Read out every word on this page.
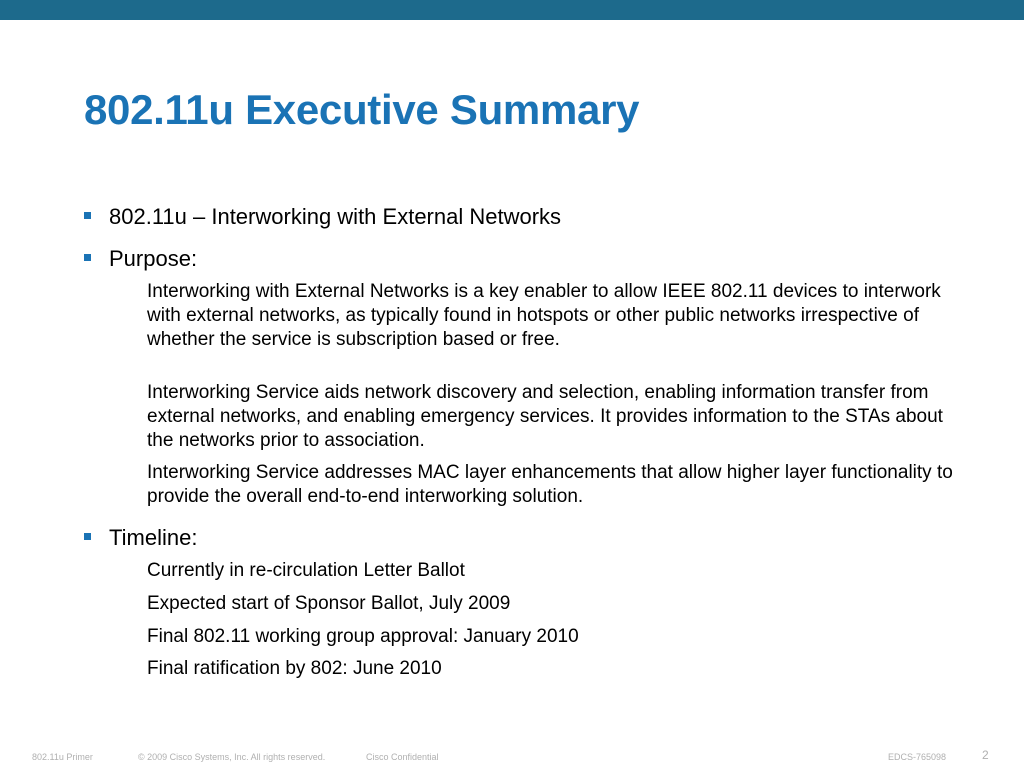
802.11u Executive Summary
802.11u – Interworking with External Networks
Purpose:
Interworking with External Networks is a key enabler to allow IEEE 802.11 devices to interwork with external networks, as typically found in hotspots or other public networks irrespective of whether the service is subscription based or free.
Interworking Service aids network discovery and selection, enabling information transfer from external networks, and enabling emergency services. It provides information to the STAs about the networks prior to association.
Interworking Service addresses MAC layer enhancements that allow higher layer functionality to provide the overall end-to-end interworking solution.
Timeline:
Currently in re-circulation Letter Ballot
Expected start of Sponsor Ballot, July 2009
Final 802.11 working group approval: January 2010
Final ratification by 802: June 2010
802.11u Primer	© 2009 Cisco Systems, Inc. All rights reserved.	Cisco Confidential	EDCS-765098	2
